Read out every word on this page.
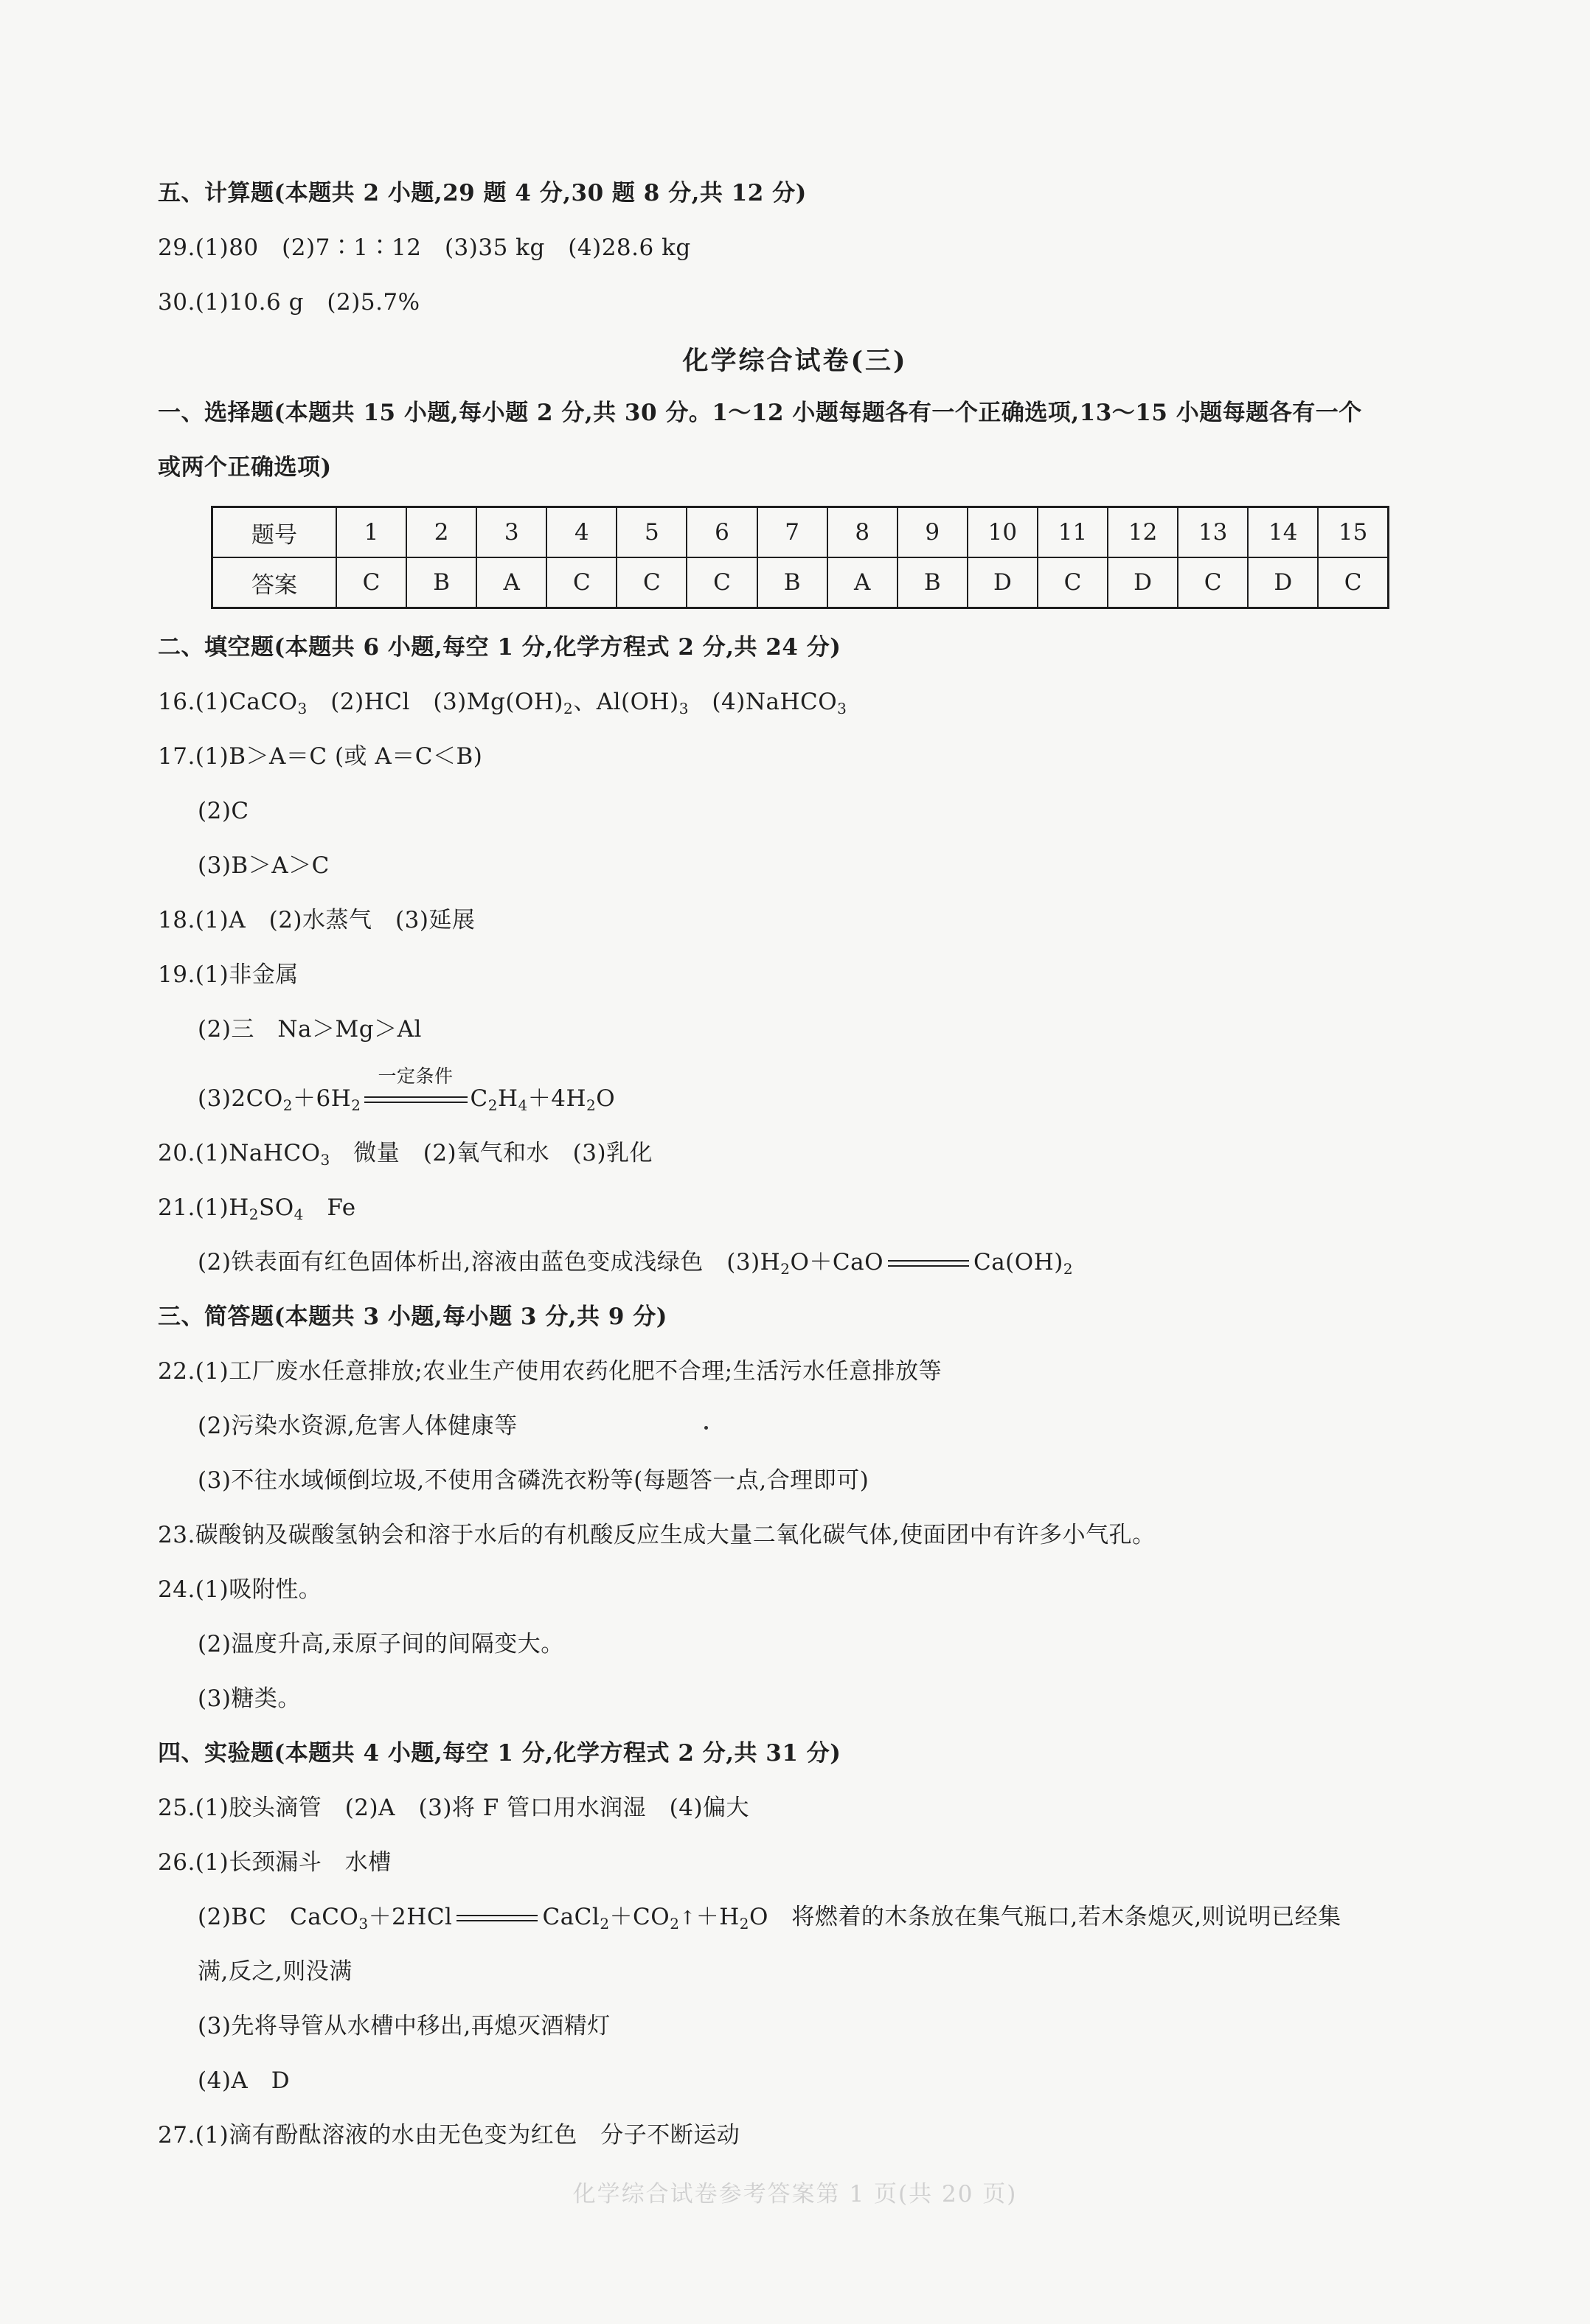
五、计算题(本题共 2 小题,29 题 4 分,30 题 8 分,共 12 分)
29.(1)80　(2)7∶1∶12　(3)35 kg　(4)28.6 kg
30.(1)10.6 g　(2)5.7%
化学综合试卷(三)
一、选择题(本题共 15 小题,每小题 2 分,共 30 分。1～12 小题每题各有一个正确选项,13～15 小题每题各有一个
或两个正确选项)
题号	1	2	3	4	5	6	7	8	9	10	11	12	13	14	15
答案	C	B	A	C	C	C	B	A	B	D	C	D	C	D	C
二、填空题(本题共 6 小题,每空 1 分,化学方程式 2 分,共 24 分)
16.(1)CaCO$_3$　(2)HCl　$(3)Mg(OH)_2$、$Al(OH)_3$　(4)NaHCO$_3$
17.(1)B＞A＝C (或 A＝C＜B)
(2)C
(3)B＞A＞C
18.(1)A　(2)水蒸气　(3)延展
19.(1)非金属
(2)三　Na＞Mg＞Al
$(3)2CO_2+6H_2$
一定条件
$C_2H_4+4H_2O$
20.(1)NaHCO$_3$　微量　(2)氧气和水　(3)乳化
$21.(1)H_2SO_4$　Fe
(2)铁表面有红色固体析出,溶液由蓝色变成浅绿色　$(3)H_2O+CaO$	$Ca(OH)_2$
三、简答题(本题共 3 小题,每小题 3 分,共 9 分)
22.(1)工厂废水任意排放;农业生产使用农药化肥不合理;生活污水任意排放等
(2)污染水资源,危害人体健康等
(3)不往水域倾倒垃圾,不使用含磷洗衣粉等(每题答一点,合理即可)
23.碳酸钠及碳酸氢钠会和溶于水后的有机酸反应生成大量二氧化碳气体,使面团中有许多小气孔。
24.(1)吸附性。
(2)温度升高,汞原子间的间隔变大。
(3)糖类。
四、实验题(本题共 4 小题,每空 1 分,化学方程式 2 分,共 31 分)
25.(1)胶头滴管　(2)A　(3)将 F 管口用水润湿　(4)偏大
26.(1)长颈漏斗　水槽
(2)BC　CaCO$_3$＋2HCl	$CaCl_2+CO_2↑+H_2O$　将燃着的木条放在集气瓶口,若木条熄灭,则说明已经集
满,反之,则没满
(3)先将导管从水槽中移出,再熄灭酒精灯
(4)A　D
27.(1)滴有酚酞溶液的水由无色变为红色　分子不断运动
化学综合试卷参考答案第 1 页(共 20 页)
